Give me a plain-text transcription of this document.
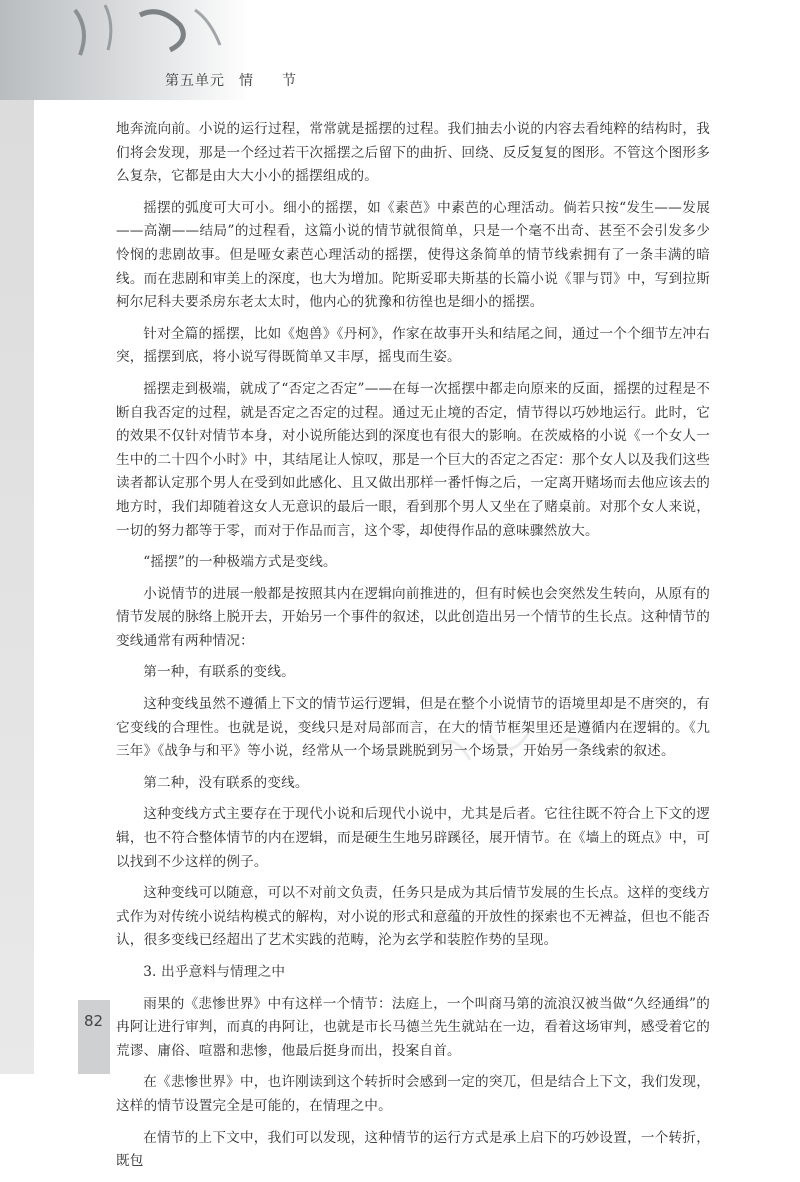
第五单元 情 节

地奔流向前。小说的运行过程，常常就是摇摆的过程。我们抽去小说的内容去看纯粹的结构时，我们将会发现，那是一个经过若干次摇摆之后留下的曲折、回绕、反反复复的图形。不管这个图形多么复杂，它都是由大大小小的摇摆组成的。

摇摆的弧度可大可小。细小的摇摆，如《素芭》中素芭的心理活动。倘若只按“发生——发展——高潮——结局”的过程看，这篇小说的情节就很简单，只是一个毫不出奇、甚至不会引发多少怜悯的悲剧故事。但是哑女素芭心理活动的摇摆，使得这条简单的情节线索拥有了一条丰满的暗线。而在悲剧和审美上的深度，也大为增加。陀斯妥耶夫斯基的长篇小说《罪与罚》中，写到拉斯柯尔尼科夫要杀房东老太太时，他内心的犹豫和彷徨也是细小的摇摆。

针对全篇的摇摆，比如《炮兽》《丹柯》，作家在故事开头和结尾之间，通过一个个细节左冲右突，摇摆到底，将小说写得既简单又丰厚，摇曳而生姿。

摇摆走到极端，就成了“否定之否定”——在每一次摇摆中都走向原来的反面，摇摆的过程是不断自我否定的过程，就是否定之否定的过程。通过无止境的否定，情节得以巧妙地运行。此时，它的效果不仅针对情节本身，对小说所能达到的深度也有很大的影响。在茨威格的小说《一个女人一生中的二十四个小时》中，其结尾让人惊叹，那是一个巨大的否定之否定：那个女人以及我们这些读者都认定那个男人在受到如此感化、且又做出那样一番忏悔之后，一定离开赌场而去他应该去的地方时，我们却随着这女人无意识的最后一眼，看到那个男人又坐在了赌桌前。对那个女人来说，一切的努力都等于零，而对于作品而言，这个零，却使得作品的意味骤然放大。

“摇摆”的一种极端方式是变线。

小说情节的进展一般都是按照其内在逻辑向前推进的，但有时候也会突然发生转向，从原有的情节发展的脉络上脱开去，开始另一个事件的叙述，以此创造出另一个情节的生长点。这种情节的变线通常有两种情况：

第一种，有联系的变线。

这种变线虽然不遵循上下文的情节运行逻辑，但是在整个小说情节的语境里却是不唐突的，有它变线的合理性。也就是说，变线只是对局部而言，在大的情节框架里还是遵循内在逻辑的。《九三年》《战争与和平》等小说，经常从一个场景跳脱到另一个场景，开始另一条线索的叙述。

第二种，没有联系的变线。

这种变线方式主要存在于现代小说和后现代小说中，尤其是后者。它往往既不符合上下文的逻辑，也不符合整体情节的内在逻辑，而是硬生生地另辟蹊径，展开情节。在《墙上的斑点》中，可以找到不少这样的例子。

这种变线可以随意，可以不对前文负责，任务只是成为其后情节发展的生长点。这样的变线方式作为对传统小说结构模式的解构，对小说的形式和意蕴的开放性的探索也不无裨益，但也不能否认，很多变线已经超出了艺术实践的范畴，沦为玄学和装腔作势的呈现。

3. 出乎意料与情理之中

雨果的《悲惨世界》中有这样一个情节：法庭上，一个叫商马第的流浪汉被当做“久经通缉”的冉阿让进行审判，而真的冉阿让，也就是市长马德兰先生就站在一边，看着这场审判，感受着它的荒谬、庸俗、喧嚣和悲惨，他最后挺身而出，投案自首。

在《悲惨世界》中，也许刚读到这个转折时会感到一定的突兀，但是结合上下文，我们发现，这样的情节设置完全是可能的，在情理之中。

在情节的上下文中，我们可以发现，这种情节的运行方式是承上启下的巧妙设置，一个转折，既包

82
